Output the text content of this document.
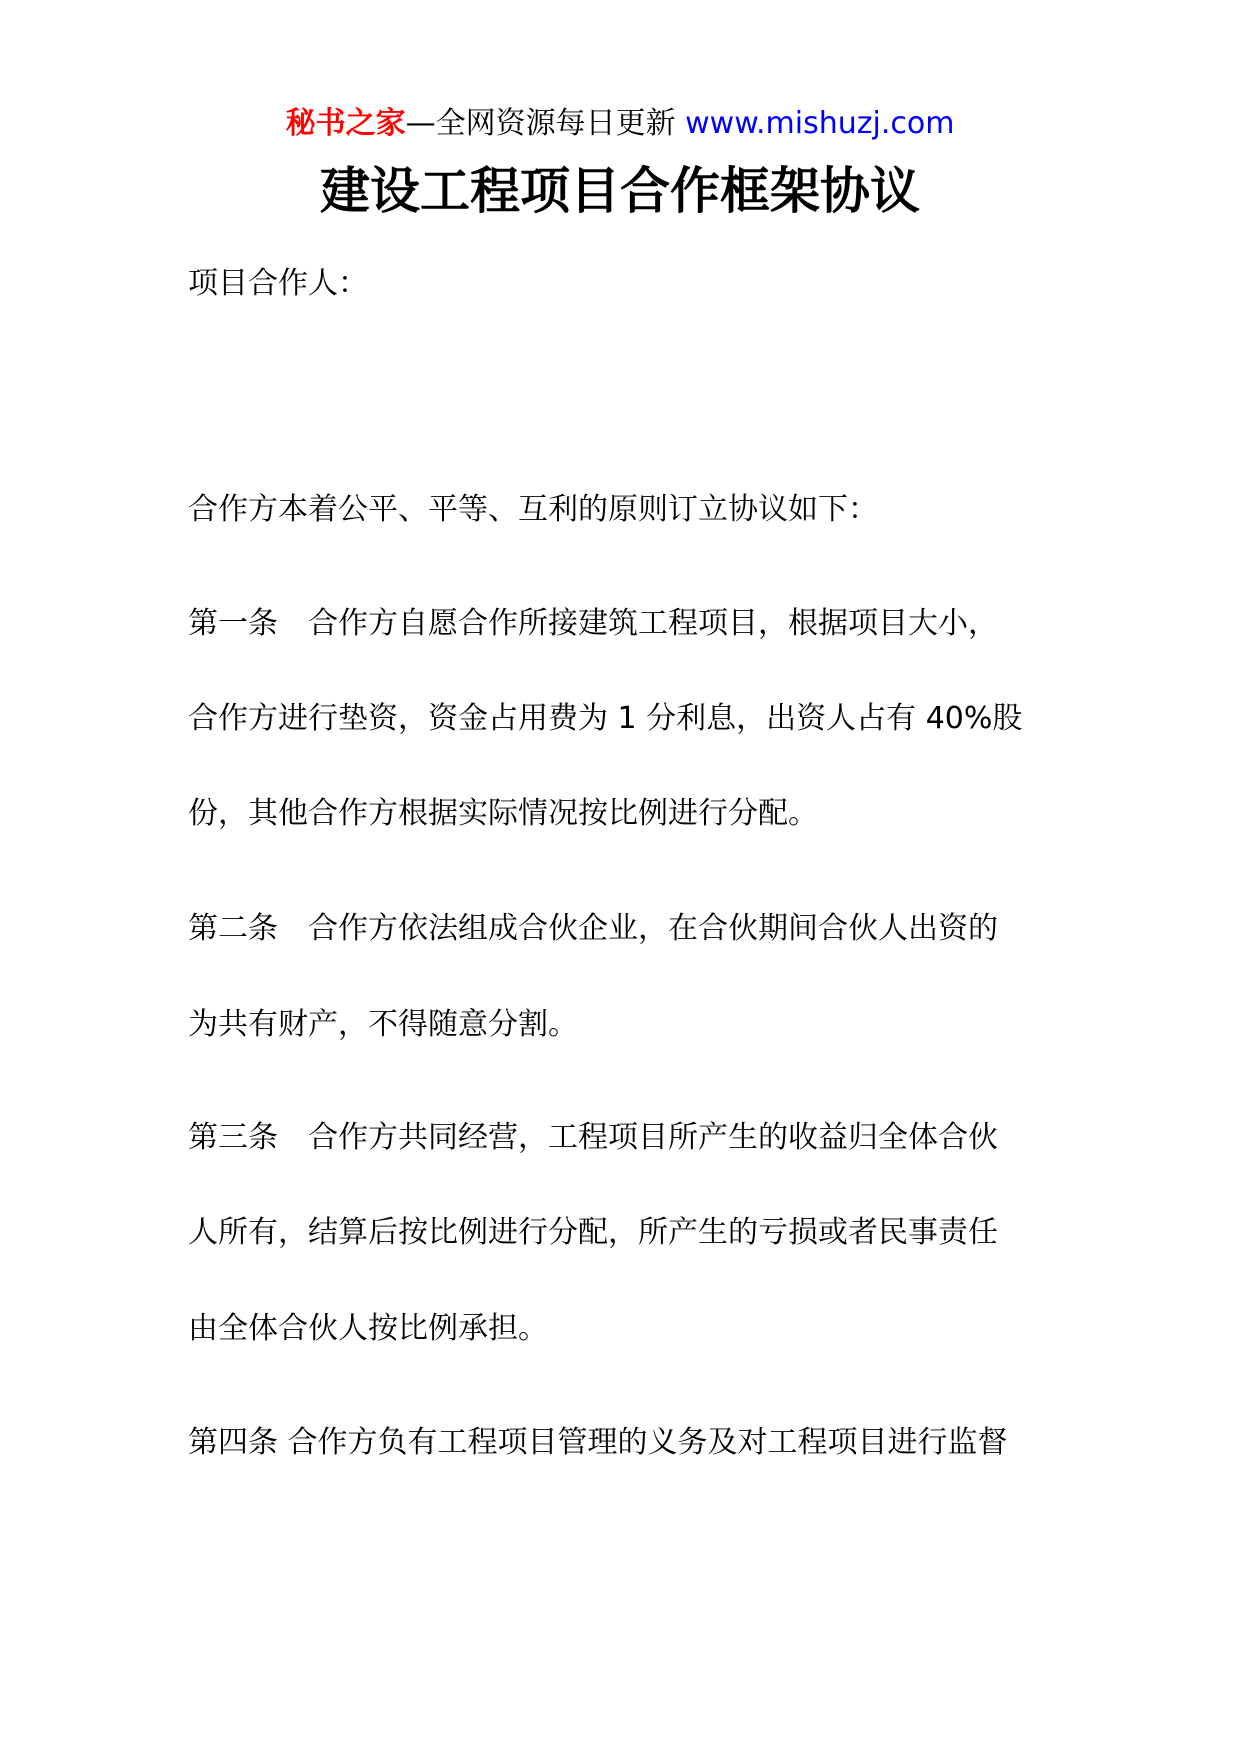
秘书之家—全网资源每日更新 www.mishuzj.com
建设工程项目合作框架协议

项目合作人：

合作方本着公平、平等、互利的原则订立协议如下：

第一条　合作方自愿合作所接建筑工程项目，根据项目大小，

合作方进行垫资，资金占用费为 1 分利息，出资人占有 40%股

份，其他合作方根据实际情况按比例进行分配。

第二条　合作方依法组成合伙企业，在合伙期间合伙人出资的

为共有财产，不得随意分割。

第三条　合作方共同经营，工程项目所产生的收益归全体合伙

人所有，结算后按比例进行分配，所产生的亏损或者民事责任

由全体合伙人按比例承担。

第四条 合作方负有工程项目管理的义务及对工程项目进行监督
